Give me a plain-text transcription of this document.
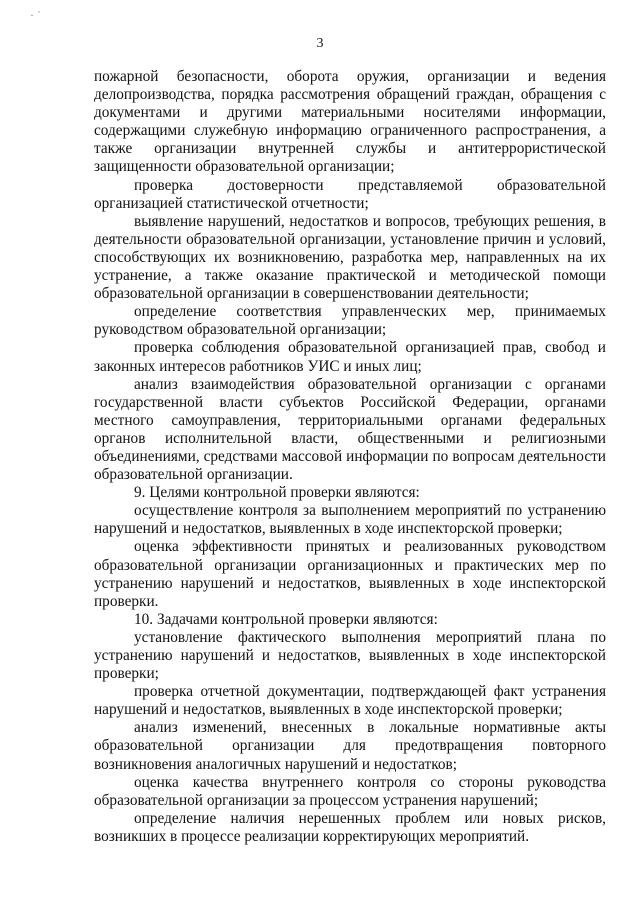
· ˙
3

пожарной безопасности, оборота оружия, организации и ведения делопроизводства, порядка рассмотрения обращений граждан, обращения с документами и другими материальными носителями информации, содержащими служебную информацию ограниченного распространения, а также организации внутренней службы и антитеррористической защищенности образовательной организации;

проверка достоверности представляемой образовательной организацией статистической отчетности;

выявление нарушений, недостатков и вопросов, требующих решения, в деятельности образовательной организации, установление причин и условий, способствующих их возникновению, разработка мер, направленных на их устранение, а также оказание практической и методической помощи образовательной организации в совершенствовании деятельности;

определение соответствия управленческих мер, принимаемых руководством образовательной организации;

проверка соблюдения образовательной организацией прав, свобод и законных интересов работников УИС и иных лиц;

анализ взаимодействия образовательной организации с органами государственной власти субъектов Российской Федерации, органами местного самоуправления, территориальными органами федеральных органов исполнительной власти, общественными и религиозными объединениями, средствами массовой информации по вопросам деятельности образовательной организации.

9. Целями контрольной проверки являются:

осуществление контроля за выполнением мероприятий по устранению нарушений и недостатков, выявленных в ходе инспекторской проверки;

оценка эффективности принятых и реализованных руководством образовательной организации организационных и практических мер по устранению нарушений и недостатков, выявленных в ходе инспекторской проверки.

10. Задачами контрольной проверки являются:

установление фактического выполнения мероприятий плана по устранению нарушений и недостатков, выявленных в ходе инспекторской проверки;

проверка отчетной документации, подтверждающей факт устранения нарушений и недостатков, выявленных в ходе инспекторской проверки;

анализ изменений, внесенных в локальные нормативные акты образовательной организации для предотвращения повторного возникновения аналогичных нарушений и недостатков;

оценка качества внутреннего контроля со стороны руководства образовательной организации за процессом устранения нарушений;

определение наличия нерешенных проблем или новых рисков, возникших в процессе реализации корректирующих мероприятий.
